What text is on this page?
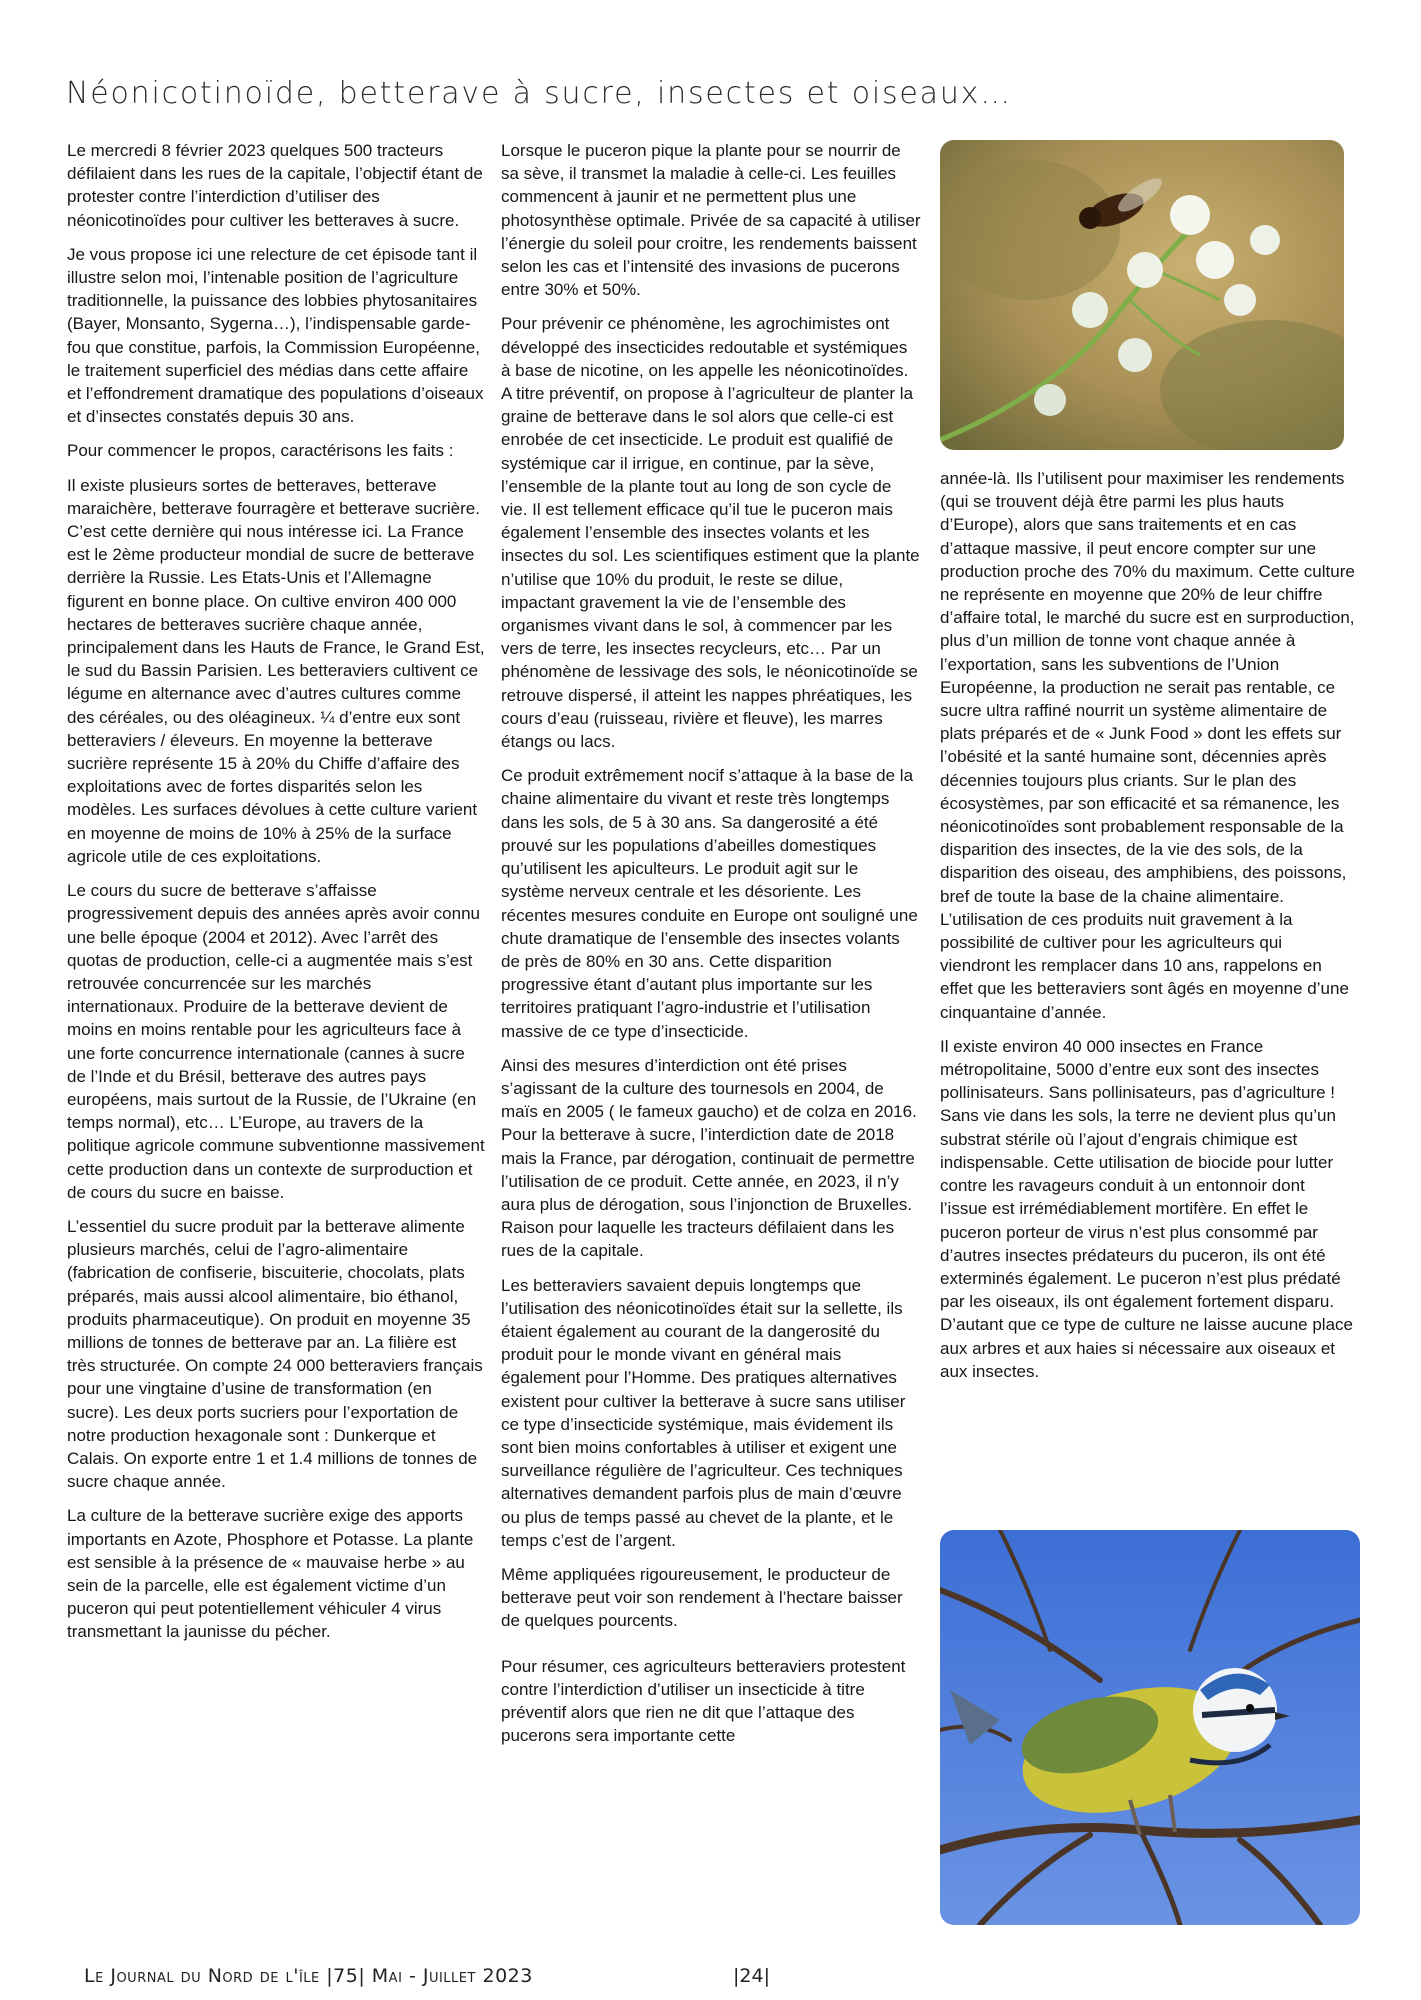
Néonicotinoïde, betterave à sucre, insectes et oiseaux…

Le mercredi 8 février 2023 quelques 500 tracteurs défilaient dans les rues de la capitale, l’objectif étant de protester contre l’interdiction d’utiliser des néonicotinoïdes pour cultiver les betteraves à sucre.

Je vous propose ici une relecture de cet épisode tant il illustre selon moi, l’intenable position de l’agriculture traditionnelle, la puissance des lobbies phytosanitaires (Bayer, Monsanto, Sygerna…), l’indispensable garde-fou que constitue, parfois, la Commission Européenne, le traitement superficiel des médias dans cette affaire et l’effondrement dramatique des populations d’oiseaux et d’insectes constatés depuis 30 ans.

Pour commencer le propos, caractérisons les faits :

Il existe plusieurs sortes de betteraves, betterave maraichère, betterave fourragère et betterave sucrière. C’est cette dernière qui nous intéresse ici. La France est le 2ème producteur mondial de sucre de betterave derrière la Russie. Les Etats-Unis et l’Allemagne figurent en bonne place. On cultive environ 400 000 hectares de betteraves sucrière chaque année, principalement dans les Hauts de France, le Grand Est, le sud du Bassin Parisien. Les betteraviers cultivent ce légume en alternance avec d’autres cultures comme des céréales, ou des oléagineux. ¼ d’entre eux sont betteraviers / éleveurs. En moyenne la betterave sucrière représente 15 à 20% du Chiffe d’affaire des exploitations avec de fortes disparités selon les modèles. Les surfaces dévolues à cette culture varient en moyenne de moins de 10% à 25% de la surface agricole utile de ces exploitations.

Le cours du sucre de betterave s’affaisse progressivement depuis des années après avoir connu une belle époque (2004 et 2012). Avec l’arrêt des quotas de production, celle-ci a augmentée mais s’est retrouvée concurrencée sur les marchés internationaux. Produire de la betterave devient de moins en moins rentable pour les agriculteurs face à une forte concurrence internationale (cannes à sucre de l’Inde et du Brésil, betterave des autres pays européens, mais surtout de la Russie, de l’Ukraine (en temps normal), etc… L’Europe, au travers de la politique agricole commune subventionne massivement cette production dans un contexte de surproduction et de cours du sucre en baisse.

L’essentiel du sucre produit par la betterave alimente plusieurs marchés, celui de l’agro-alimentaire (fabrication de confiserie, biscuiterie, chocolats, plats préparés, mais aussi alcool alimentaire, bio éthanol, produits pharmaceutique). On produit en moyenne 35 millions de tonnes de betterave par an. La filière est très structurée. On compte 24 000 betteraviers français pour une vingtaine d’usine de transformation (en sucre). Les deux ports sucriers pour l’exportation de notre production hexagonale sont : Dunkerque et Calais. On exporte entre 1 et 1.4 millions de tonnes de sucre chaque année.

La culture de la betterave sucrière exige des apports importants en Azote, Phosphore et Potasse. La plante est sensible à la présence de « mauvaise herbe » au sein de la parcelle, elle est également victime d’un puceron qui peut potentiellement véhiculer 4 virus transmettant la jaunisse du pécher.

Lorsque le puceron pique la plante pour se nourrir de sa sève, il transmet la maladie à celle-ci. Les feuilles commencent à jaunir et ne permettent plus une photosynthèse optimale. Privée de sa capacité à utiliser l’énergie du soleil pour croitre, les rendements baissent selon les cas et l’intensité des invasions de pucerons entre 30% et 50%.

Pour prévenir ce phénomène, les agrochimistes ont développé des insecticides redoutable et systémiques à base de nicotine, on les appelle les néonicotinoïdes. A titre préventif, on propose à l’agriculteur de planter la graine de betterave dans le sol alors que celle-ci est enrobée de cet insecticide. Le produit est qualifié de systémique car il irrigue, en continue, par la sève, l’ensemble de la plante tout au long de son cycle de vie. Il est tellement efficace qu’il tue le puceron mais également l’ensemble des insectes volants et les insectes du sol. Les scientifiques estiment que la plante n’utilise que 10% du produit, le reste se dilue, impactant gravement la vie de l’ensemble des organismes vivant dans le sol, à commencer par les vers de terre, les insectes recycleurs, etc… Par un phénomène de lessivage des sols, le néonicotinoïde se retrouve dispersé, il atteint les nappes phréatiques, les cours d’eau (ruisseau, rivière et fleuve), les marres étangs ou lacs.

Ce produit extrêmement nocif s’attaque à la base de la chaine alimentaire du vivant et reste très longtemps dans les sols, de 5 à 30 ans. Sa dangerosité a été prouvé sur les populations d’abeilles domestiques qu’utilisent les apiculteurs. Le produit agit sur le système nerveux centrale et les désoriente. Les récentes mesures conduite en Europe ont souligné une chute dramatique de l’ensemble des insectes volants de près de 80% en 30 ans. Cette disparition progressive étant d’autant plus importante sur les territoires pratiquant l’agro-industrie et l’utilisation massive de ce type d’insecticide.

Ainsi des mesures d’interdiction ont été prises s’agissant de la culture des tournesols en 2004, de maïs en 2005 ( le fameux gaucho) et de colza en 2016. Pour la betterave à sucre, l’interdiction date de 2018 mais la France, par dérogation, continuait de permettre l’utilisation de ce produit. Cette année, en 2023, il n’y aura plus de dérogation, sous l’injonction de Bruxelles. Raison pour laquelle les tracteurs défilaient dans les rues de la capitale.

Les betteraviers savaient depuis longtemps que l’utilisation des néonicotinoïdes était sur la sellette, ils étaient également au courant de la dangerosité du produit pour le monde vivant en général mais également pour l’Homme. Des pratiques alternatives existent pour cultiver la betterave à sucre sans utiliser ce type d’insecticide systémique, mais évidement ils sont bien moins confortables à utiliser et exigent une surveillance régulière de l’agriculteur. Ces techniques alternatives demandent parfois plus de main d’œuvre ou plus de temps passé au chevet de la plante, et le temps c’est de l’argent.

Même appliquées rigoureusement, le producteur de betterave peut voir son rendement à l’hectare baisser de quelques pourcents.

Pour résumer, ces agriculteurs betteraviers protestent contre l’interdiction d’utiliser un insecticide à titre préventif alors que rien ne dit que l’attaque des pucerons sera importante cette

année-là. Ils l’utilisent pour maximiser les rendements (qui se trouvent déjà être parmi les plus hauts d’Europe), alors que sans traitements et en cas d’attaque massive, il peut encore compter sur une production proche des 70% du maximum. Cette culture ne représente en moyenne que 20% de leur chiffre d’affaire total, le marché du sucre est en surproduction, plus d’un million de tonne vont chaque année à l’exportation, sans les subventions de l’Union Européenne, la production ne serait pas rentable, ce sucre ultra raffiné nourrit un système alimentaire de plats préparés et de « Junk Food » dont les effets sur l’obésité et la santé humaine sont, décennies après décennies toujours plus criants. Sur le plan des écosystèmes, par son efficacité et sa rémanence, les néonicotinoïdes sont probablement responsable de la disparition des insectes, de la vie des sols, de la disparition des oiseau, des amphibiens, des poissons, bref de toute la base de la chaine alimentaire. L’utilisation de ces produits nuit gravement à la possibilité de cultiver pour les agriculteurs qui viendront les remplacer dans 10 ans, rappelons en effet que les betteraviers sont âgés en moyenne d’une cinquantaine d’année.

Il existe environ 40 000 insectes en France métropolitaine, 5000 d’entre eux sont des insectes pollinisateurs. Sans pollinisateurs, pas d’agriculture ! Sans vie dans les sols, la terre ne devient plus qu’un substrat stérile où l’ajout d’engrais chimique est indispensable. Cette utilisation de biocide pour lutter contre les ravageurs conduit à un entonnoir dont l’issue est irrémédiablement mortifère. En effet le puceron porteur de virus n’est plus consommé par d’autres insectes prédateurs du puceron, ils ont été exterminés également. Le puceron n’est plus prédaté par les oiseaux, ils ont également fortement disparu. D’autant que ce type de culture ne laisse aucune place aux arbres et aux haies si nécessaire aux oiseaux et aux insectes.

Le Journal du Nord de l'île |75| Mai - Juillet 2023	|24|
